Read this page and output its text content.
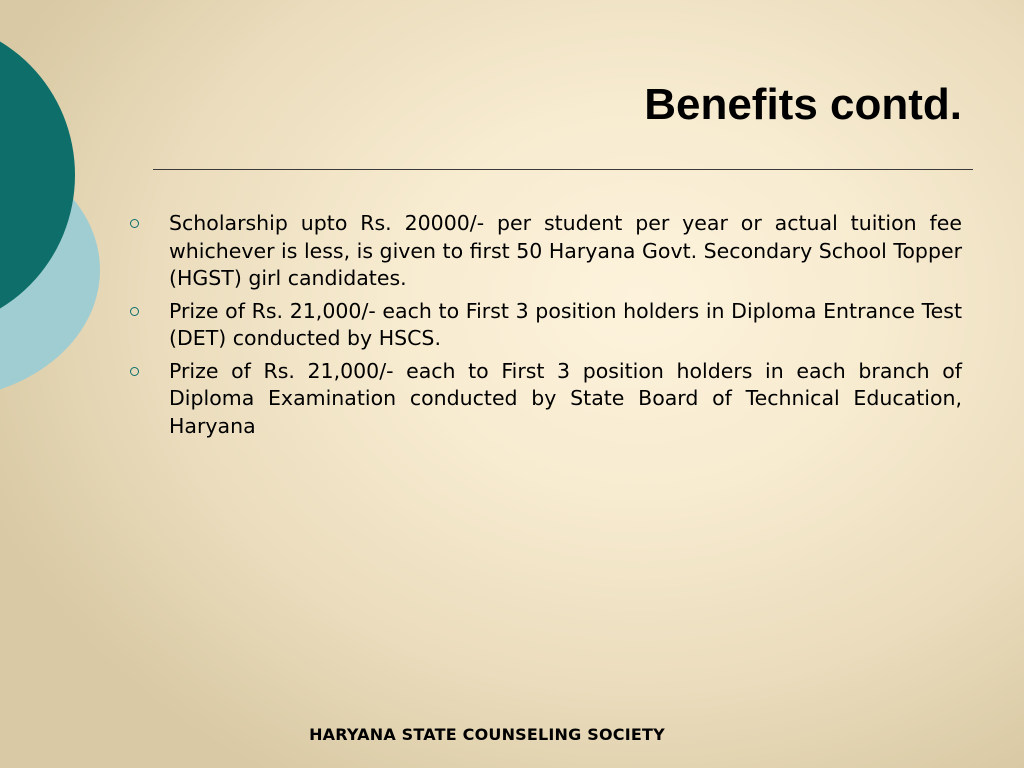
Benefits contd.
Scholarship upto Rs. 20000/- per student per year or actual tuition fee whichever is less, is given to first 50 Haryana Govt. Secondary School Topper (HGST) girl candidates.
Prize of Rs. 21,000/- each to First 3 position holders in Diploma Entrance Test (DET) conducted by HSCS.
Prize of Rs. 21,000/- each to First 3 position holders in each branch of Diploma Examination conducted by State Board of Technical Education, Haryana
HARYANA STATE COUNSELING SOCIETY
